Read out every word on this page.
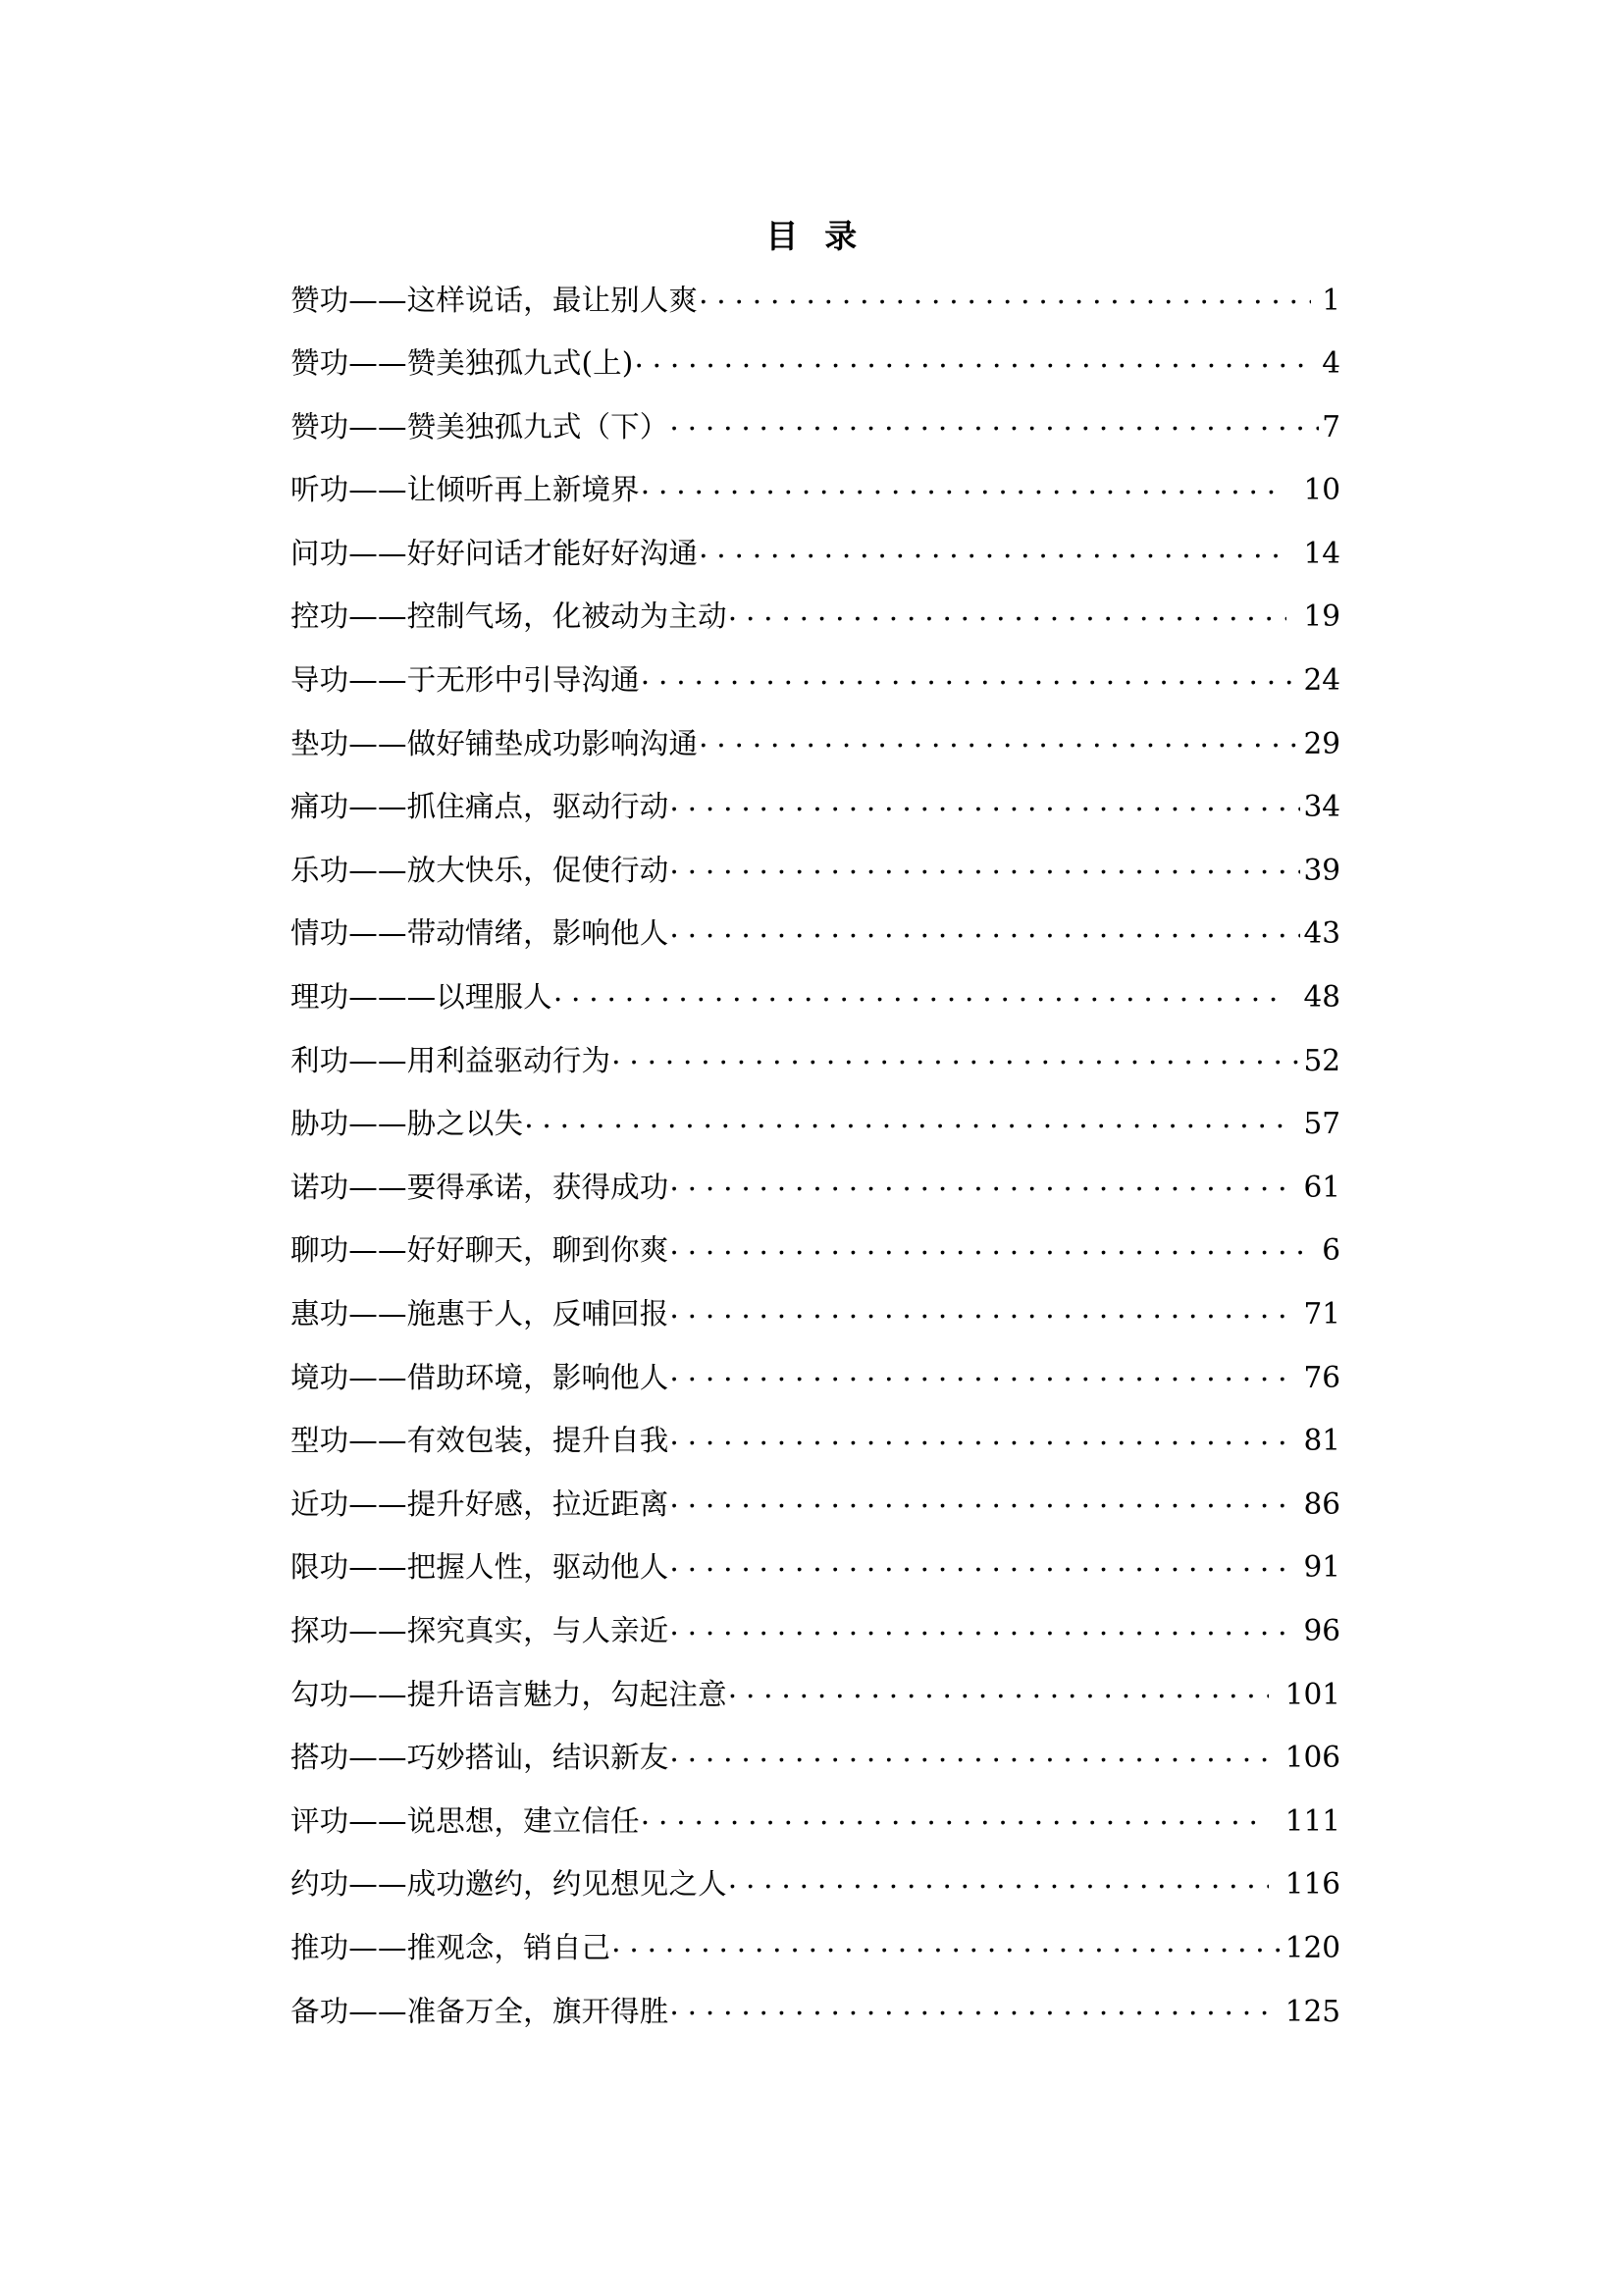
目  录
赞功——这样说话，最让别人爽 .....	1
赞功——赞美独孤九式(上) .....	4
赞功——赞美独孤九式（下） .....	7
听功——让倾听再上新境界 .....	10
问功——好好问话才能好好沟通 .....	14
控功——控制气场，化被动为主动 .....	19
导功——于无形中引导沟通 .....	24
垫功——做好铺垫成功影响沟通 .....	29
痛功——抓住痛点，驱动行动 .....	34
乐功——放大快乐，促使行动 .....	39
情功——带动情绪，影响他人 .....	43
理功———以理服人 .....	48
利功——用利益驱动行为 .....	52
胁功——胁之以失 .....	57
诺功——要得承诺，获得成功 .....	61
聊功——好好聊天，聊到你爽 .....	6
惠功——施惠于人，反哺回报 .....	71
境功——借助环境，影响他人 .....	76
型功——有效包装，提升自我 .....	81
近功——提升好感，拉近距离 .....	86
限功——把握人性，驱动他人 .....	91
探功——探究真实，与人亲近 .....	96
勾功——提升语言魅力，勾起注意 .....	101
搭功——巧妙搭讪，结识新友 .....	106
评功——说思想，建立信任 .....	111
约功——成功邀约，约见想见之人 .....	116
推功——推观念，销自己 .....	120
备功——准备万全，旗开得胜 .....	125
